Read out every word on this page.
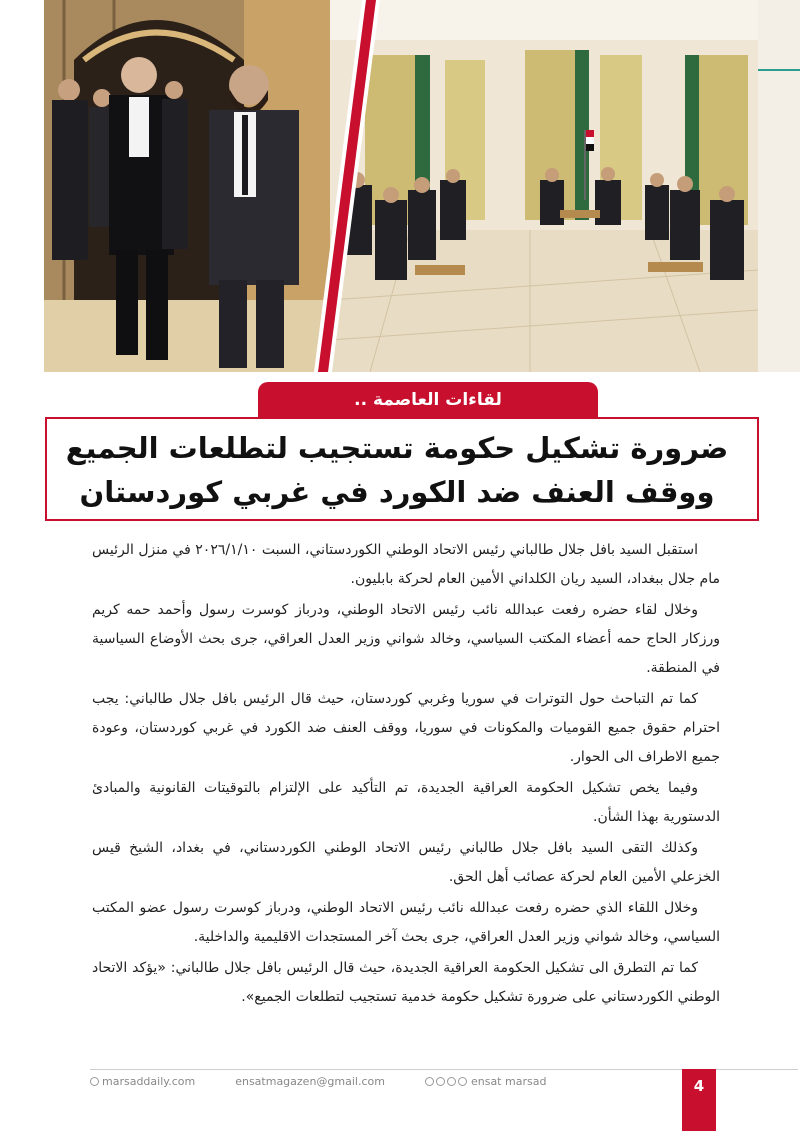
لقاءات العاصمة ..
ضرورة تشكيل حكومة تستجيب لتطلعات الجميع
ووقف العنف ضد الكورد في غربي كوردستان

استقبل السيد بافل جلال طالباني رئيس الاتحاد الوطني الكوردستاني، السبت ٢٠٢٦/١/١٠ في منزل الرئيس مام جلال ببغداد، السيد ريان الكلداني الأمين العام لحركة بابليون.

وخلال لقاء حضره رفعت عبدالله نائب رئيس الاتحاد الوطني، ودرباز كوسرت رسول وأحمد حمه كريم ورزكار الحاج حمه أعضاء المكتب السياسي، وخالد شواني وزير العدل العراقي، جرى بحث الأوضاع السياسية في المنطقة.

كما تم التباحث حول التوترات في سوريا وغربي كوردستان، حيث قال الرئيس بافل جلال طالباني: يجب احترام حقوق جميع القوميات والمكونات في سوريا، ووقف العنف ضد الكورد في غربي كوردستان، وعودة جميع الاطراف الى الحوار.

وفيما يخص تشكيل الحكومة العراقية الجديدة، تم التأكيد على الإلتزام بالتوقيتات القانونية والمبادئ الدستورية بهذا الشأن.

وكذلك التقى السيد بافل جلال طالباني رئيس الاتحاد الوطني الكوردستاني، في بغداد، الشيخ قيس الخزعلي الأمين العام لحركة عصائب أهل الحق.

وخلال اللقاء الذي حضره رفعت عبدالله نائب رئيس الاتحاد الوطني، ودرباز كوسرت رسول عضو المكتب السياسي، وخالد شواني وزير العدل العراقي، جرى بحث آخر المستجدات الاقليمية والداخلية.

كما تم التطرق الى تشكيل الحكومة العراقية الجديدة، حيث قال الرئيس بافل جلال طالباني: «يؤكد الاتحاد الوطني الكوردستاني على ضرورة تشكيل حكومة خدمية تستجيب لتطلعات الجميع».

marsaddaily.com	ensatmagazen@gmail.com	ensat marsad	4
